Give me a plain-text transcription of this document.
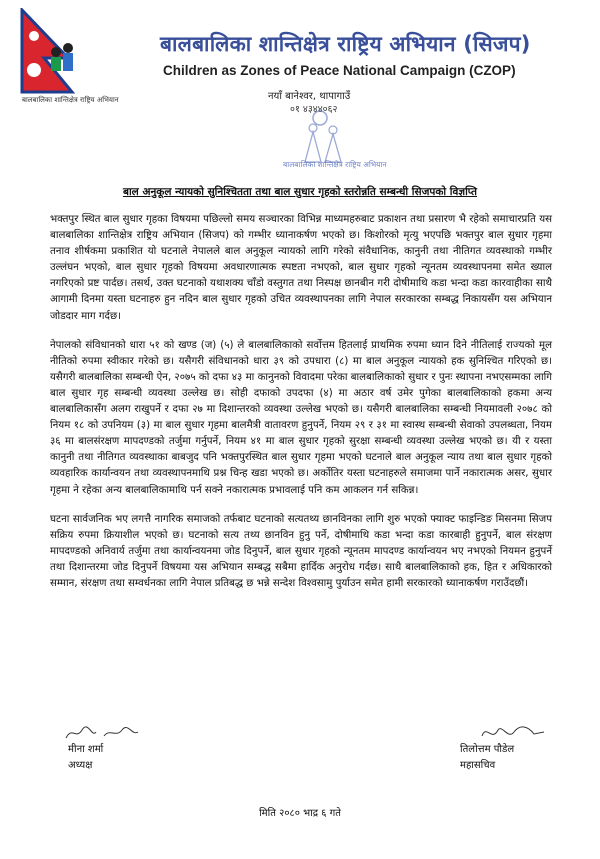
बालबालिका शान्तिक्षेत्र राष्ट्रिय अभियान
बालबालिका शान्तिक्षेत्र राष्ट्रिय अभियान (सिजप)
Children as Zones of Peace National Campaign (CZOP)
नयाँ बानेश्वर, थापागाउँ
०१ ४३४४०६२
बालबालिका शान्तिक्षेत्र राष्ट्रिय अभियान
बाल अनुकूल न्यायको सुनिश्चितता तथा बाल सुधार गृहको स्तरोन्नति सम्बन्धी सिजपको विज्ञप्ति

भक्तपुर स्थित बाल सुधार गृहका विषयमा पछिल्लो समय सञ्चारका विभिन्न माध्यमहरुबाट प्रकाशन तथा प्रसारण भै रहेको समाचारप्रति यस बालबालिका शान्तिक्षेत्र राष्ट्रिय अभियान (सिजप) को गम्भीर ध्यानाकर्षण भएको छ। किशोरको मृत्यु भएपछि भक्तपुर बाल सुधार गृहमा तनाव शीर्षकमा प्रकाशित यो घटनाले नेपालले बाल अनुकूल न्यायको लागि गरेको संवैधानिक, कानुनी तथा नीतिगत व्यवस्थाको गम्भीर उल्लंघन भएको, बाल सुधार गृहको विषयमा अवधारणात्मक स्पष्टता नभएको, बाल सुधार गृहको न्यूनतम व्यवस्थापनमा समेत ख्याल नगरिएको प्रष्ट पार्दछ। तसर्थ, उक्त घटनाको यथाशक्य चाँडो वस्तुगत तथा निस्पक्ष छानबीन गरी दोषीमाथि कडा भन्दा कडा कारवाहीका साथै आगामी दिनमा यस्ता घटनाहरु हुन नदिन बाल सुधार गृहको उचित व्यवस्थापनका लागि नेपाल सरकारका सम्बद्ध निकायसँग यस अभियान जोडदार माग गर्दछ।

नेपालको संविधानको धारा ५१ को खण्ड (ज) (५) ले बालबालिकाको सर्वोत्तम हितलाई प्राथमिक रुपमा ध्यान दिने नीतिलाई राज्यको मूल नीतिको रुपमा स्वीकार गरेको छ। यसैगरी संविधानको धारा ३९ को उपधारा (८) मा बाल अनुकूल न्यायको हक सुनिश्चित गरिएको छ। यसैगरी बालबालिका सम्बन्धी ऐन, २०७५ को दफा ४३ मा कानुनको विवादमा परेका बालबालिकाको सुधार र पुनः स्थापना नभएसम्मका लागि बाल सुधार गृह सम्बन्धी व्यवस्था उल्लेख छ। सोही दफाको उपदफा (४) मा अठार वर्ष उमेर पुगेका बालबालिकाको हकमा अन्य बालबालिकासँग अलग राखुपर्ने र दफा २७ मा दिशान्तरको व्यवस्था उल्लेख भएको छ। यसैगरी बालबालिका सम्बन्धी नियमावली २०७८ को नियम १८ को उपनियम (३) मा बाल सुधार गृहमा बालमैत्री वातावरण हुनुपर्ने, नियम २९ र ३१ मा स्वास्थ सम्बन्धी सेवाको उपलब्धता, नियम ३६ मा बालसंरक्षण मापदण्डको तर्जुमा गर्नुपर्ने, नियम ४१ मा बाल सुधार गृहको सुरक्षा सम्बन्धी व्यवस्था उल्लेख भएको छ। यी र यस्ता कानुनी तथा नीतिगत व्यवस्थाका बाबजुद पनि भक्तपुरस्थित बाल सुधार गृहमा भएको घटनाले बाल अनुकूल न्याय तथा बाल सुधार गृहको व्यवहारिक कार्यान्वयन तथा व्यवस्थापनमाथि प्रश्न चिन्ह खडा भएको छ। अर्कोतिर यस्ता घटनाहरुले समाजमा पार्ने नकारात्मक असर, सुधार गृहमा ने रहेका अन्य बालबालिकामाथि पर्न सक्ने नकारात्मक प्रभावलाई पनि कम आकलन गर्न सकिन्न।

घटना सार्वजनिक भए लगत्तै नागरिक समाजको तर्फबाट घटनाको सत्यतथ्य छानविनका लागि शुरु भएको फ्याक्ट फाइन्डिङ मिसनमा सिजप सक्रिय रुपमा क्रियाशील भएको छ। घटनाको सत्य तथ्य छानविन हुनु पर्ने, दोषीमाथि कडा भन्दा कडा कारबाही हुनुपर्ने, बाल संरक्षण मापदण्डको अनिवार्य तर्जुमा तथा कार्यान्वयनमा जोड दिनुपर्ने, बाल सुधार गृहको न्यूनतम मापदण्ड कार्यान्वयन भए नभएको नियमन हुनुपर्ने तथा दिशान्तरमा जोड दिनुपर्ने विषयमा यस अभियान सम्बद्ध सबैमा हार्दिक अनुरोध गर्दछ। साथै बालबालिकाको हक, हित र अधिकारको सम्मान, संरक्षण तथा सम्वर्धनका लागि नेपाल प्रतिबद्ध छ भन्ने सन्देश विश्वसामु पुर्याउन समेत हामी सरकारको ध्यानाकर्षण गराउँदछौं।

मीना शर्मा
अध्यक्ष
तिलोत्तम पौडेल
महासचिव
मिति २०८० भाद्र ६ गते
